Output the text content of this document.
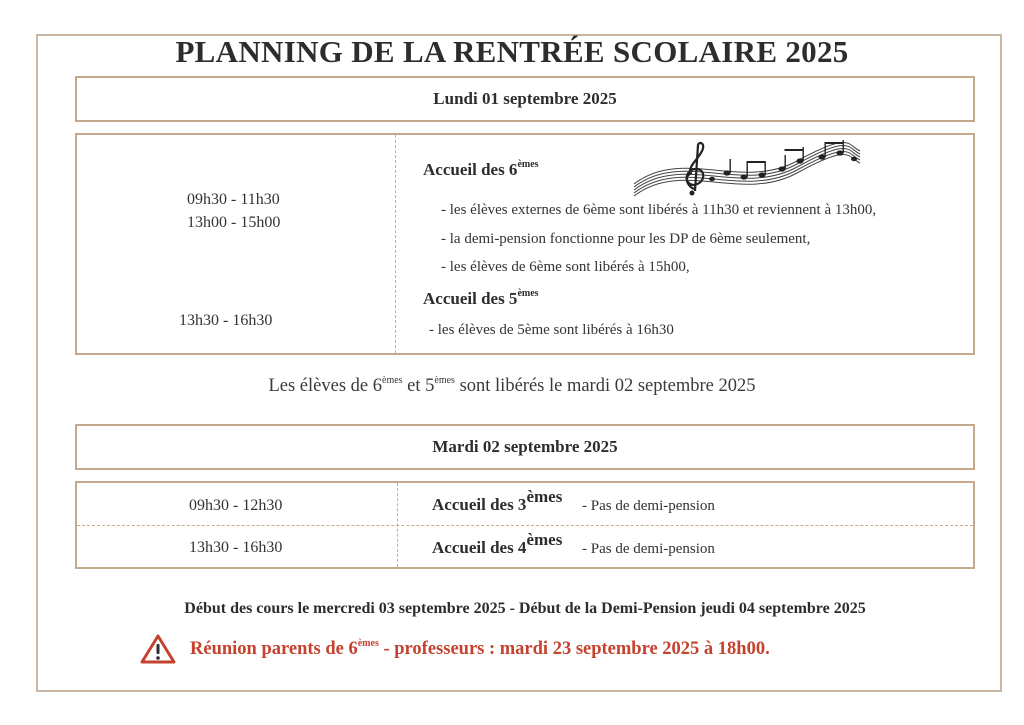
PLANNING DE LA RENTRÉE SCOLAIRE 2025
Lundi 01 septembre 2025
09h30 - 11h30
13h00 - 15h00
13h30 - 16h30
Accueil des 6èmes
- les élèves externes de 6ème sont libérés à 11h30 et reviennent à 13h00,
- la demi-pension fonctionne pour les DP de 6ème seulement,
- les élèves de 6ème sont libérés à 15h00,
Accueil des 5èmes
- les élèves de 5ème sont libérés à 16h30
Les élèves de 6èmes et 5èmes sont libérés le mardi 02 septembre 2025
Mardi 02 septembre 2025
09h30 - 12h30	Accueil des 3èmes - Pas de demi-pension
13h30 - 16h30	Accueil des 4èmes - Pas de demi-pension
Début des cours le mercredi 03 septembre 2025 - Début de la Demi-Pension jeudi 04 septembre 2025
Réunion parents de 6èmes - professeurs : mardi 23 septembre 2025 à 18h00.
